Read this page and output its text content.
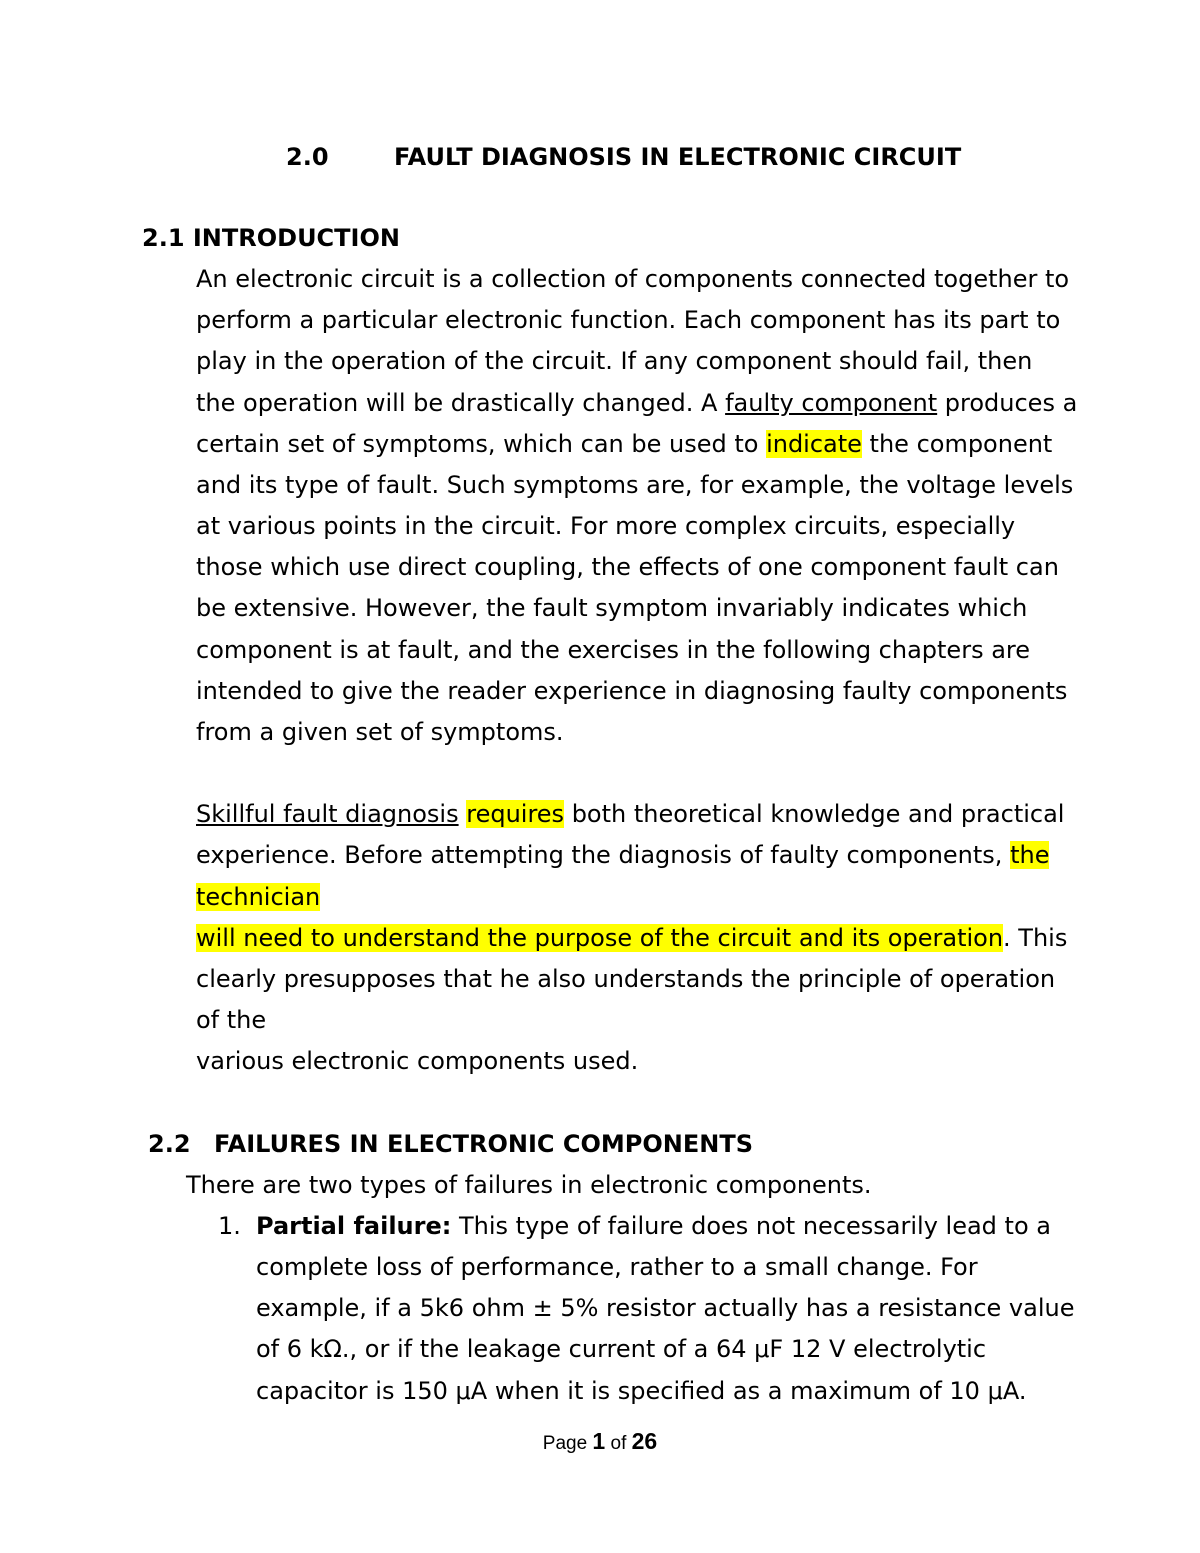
2.0	FAULT DIAGNOSIS IN ELECTRONIC CIRCUIT
2.1 INTRODUCTION
An electronic circuit is a collection of components connected together to
perform a particular electronic function. Each component has its part to
play in the operation of the circuit. If any component should fail, then
the operation will be drastically changed. A faulty component produces a
certain set of symptoms, which can be used to indicate the component
and its type of fault. Such symptoms are, for example, the voltage levels
at various points in the circuit. For more complex circuits, especially
those which use direct coupling, the effects of one component fault can
be extensive. However, the fault symptom invariably indicates which
component is at fault, and the exercises in the following chapters are
intended to give the reader experience in diagnosing faulty components
from a given set of symptoms.
Skillful fault diagnosis requires both theoretical knowledge and practical
experience. Before attempting the diagnosis of faulty components, the
technician
will need to understand the purpose of the circuit and its operation. This
clearly presupposes that he also understands the principle of operation
of the
various electronic components used.
2.2 FAILURES IN ELECTRONIC COMPONENTS
There are two types of failures in electronic components.
1. Partial failure: This type of failure does not necessarily lead to a
complete loss of performance, rather to a small change. For
example, if a 5k6 ohm ± 5% resistor actually has a resistance value
of 6 kΩ., or if the leakage current of a 64 μF 12 V electrolytic
capacitor is 150 μA when it is specified as a maximum of 10 μA.
Page 1 of 26
